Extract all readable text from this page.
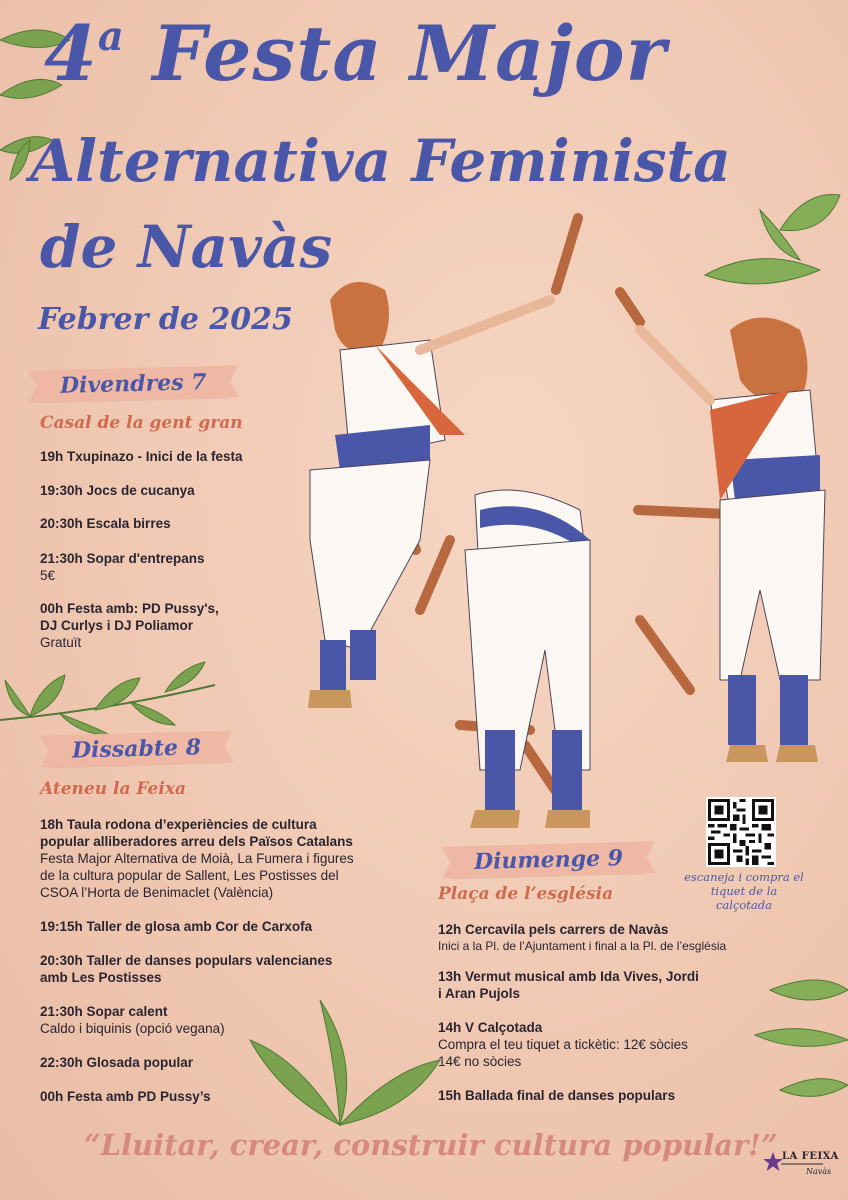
4$^a$ Festa Major
Alternativa Feminista
de Navàs
Febrer de 2025
Divendres 7
Casal de la gent gran
19h Txupinazo - Inici de la festa
19:30h Jocs de cucanya
20:30h Escala birres
21:30h Sopar d'entrepans
5€
00h Festa amb: PD Pussy's,
DJ Curlys i DJ Poliamor
Gratuït
Dissabte 8
Ateneu la Feixa
18h Taula rodona d’experiències de cultura
popular alliberadores arreu dels Països Catalans
Festa Major Alternativa de Moià, La Fumera i figures
de la cultura popular de Sallent, Les Postisses del
CSOA l’Horta de Benimaclet (València)
19:15h Taller de glosa amb Cor de Carxofa
20:30h Taller de danses populars valencianes
amb Les Postisses
21:30h Sopar calent
Caldo i biquinis (opció vegana)
22:30h Glosada popular
00h Festa amb PD Pussy’s
Diumenge 9
Plaça de l’església
12h Cercavila pels carrers de Navàs
Inici a la Pl. de l’Ajuntament i final a la Pl. de l’església
13h Vermut musical amb Ida Vives, Jordi
i Aran Pujols
14h V Calçotada
Compra el teu tiquet a tickètic: 12€ sòcies
14€ no sòcies
15h Ballada final de danses populars
escaneja i compra el
tiquet de la calçotada
“Lluitar, crear, construir cultura popular!” LA FEIXA
Navàs
